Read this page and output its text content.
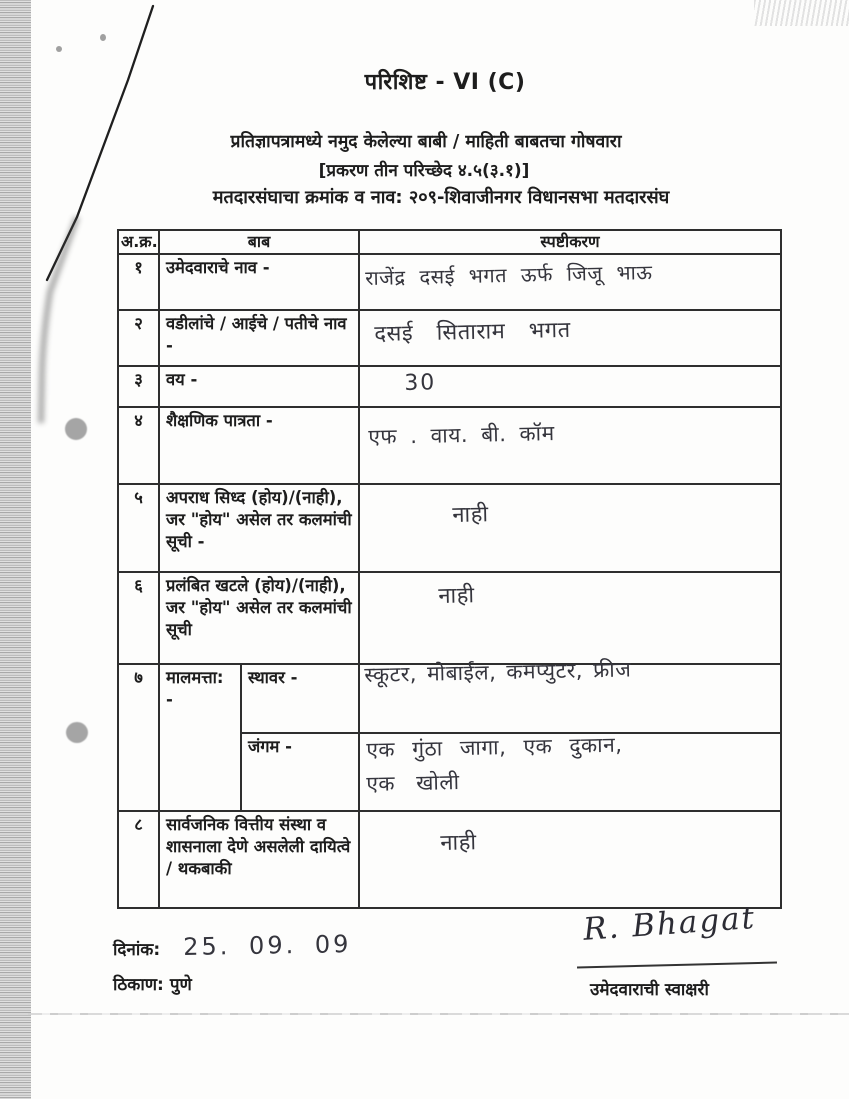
परिशिष्ट - VI (C)
प्रतिज्ञापत्रामध्ये नमुद केलेल्या बाबी / माहिती बाबतचा गोषवारा
[प्रकरण तीन परिच्छेद ४.५(३.१)]
मतदारसंघाचा क्रमांक व नाव: २०९-शिवाजीनगर विधानसभा मतदारसंघ
अ.क्र.	बाब		स्पष्टीकरण
१	उमेदवाराचे नाव -		राजेंद्र दसई भगत ऊर्फ जिजू भाऊ

२	वडीलांचे / आईचे / पतीचे नाव -		दसई सिताराम भगत

३	वय -		30

४	शैक्षणिक पात्रता -		एफ . वाय. बी. कॉम

५	अपराध सिध्द (होय)/(नाही), जर "होय" असेल तर कलमांची सूची -		नाही

६	प्रलंबित खटले (होय)/(नाही), जर "होय" असेल तर कलमांची सूची		नाही

७	मालमत्ता: -	स्थावर -	स्कूटर, मोबाईल, कमप्युटर, फ्रीज

		जंगम -	एक गुंठा जागा, एक दुकान,
एक खोली

८	सार्वजनिक वित्तीय संस्था व शासनाला देणे असलेली दायित्वे / थकबाकी		नाही
दिनांक: 25. 09. 09
ठिकाण: पुणे
R. Bhagat
उमेदवाराची स्वाक्षरी
